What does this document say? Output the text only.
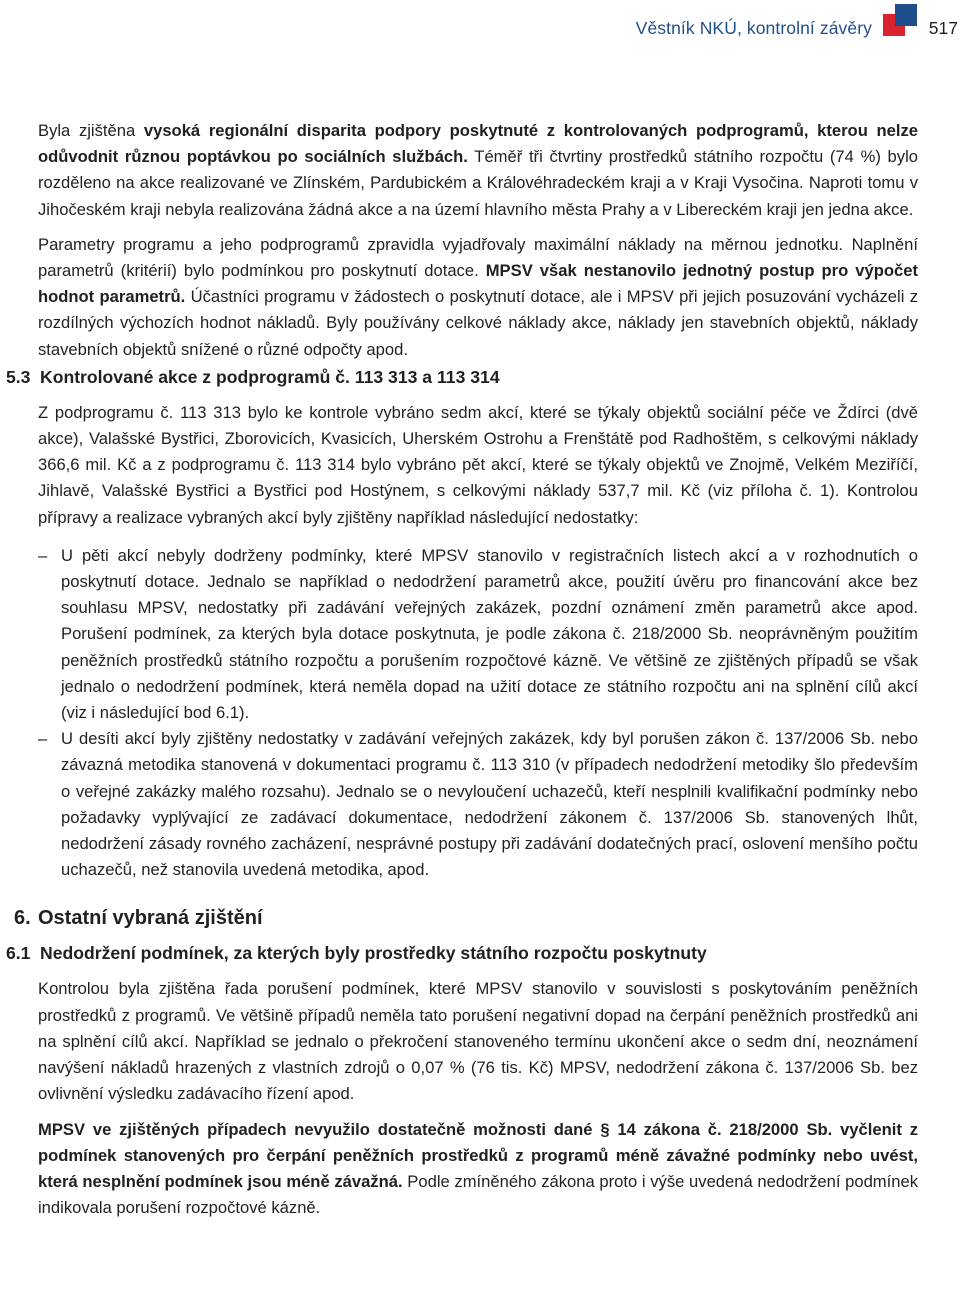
Věstník NKÚ, kontrolní závěry	517

Byla zjištěna vysoká regionální disparita podpory poskytnuté z kontrolovaných podprogramů, kterou nelze odůvodnit různou poptávkou po sociálních službách. Téměř tři čtvrtiny prostředků státního rozpočtu (74 %) bylo rozděleno na akce realizované ve Zlínském, Pardubickém a Královéhradeckém kraji a v Kraji Vysočina. Naproti tomu v Jihočeském kraji nebyla realizována žádná akce a na území hlavního města Prahy a v Libereckém kraji jen jedna akce.

Parametry programu a jeho podprogramů zpravidla vyjadřovaly maximální náklady na měrnou jednotku. Naplnění parametrů (kritérií) bylo podmínkou pro poskytnutí dotace. MPSV však nestanovilo jednotný postup pro výpočet hodnot parametrů. Účastníci programu v žádostech o poskytnutí dotace, ale i MPSV při jejich posuzování vycházeli z rozdílných výchozích hodnot nákladů. Byly používány celkové náklady akce, náklady jen stavebních objektů, náklady stavebních objektů snížené o různé odpočty apod.

5.3 Kontrolované akce z podprogramů č. 113 313 a 113 314

Z podprogramu č. 113 313 bylo ke kontrole vybráno sedm akcí, které se týkaly objektů sociální péče ve Ždírci (dvě akce), Valašské Bystřici, Zborovicích, Kvasicích, Uherském Ostrohu a Frenštátě pod Radhoštěm, s celkovými náklady 366,6 mil. Kč a z podprogramu č. 113 314 bylo vybráno pět akcí, které se týkaly objektů ve Znojmě, Velkém Meziříčí, Jihlavě, Valašské Bystřici a Bystřici pod Hostýnem, s celkovými náklady 537,7 mil. Kč (viz příloha č. 1). Kontrolou přípravy a realizace vybraných akcí byly zjištěny například následující nedostatky:

– U pěti akcí nebyly dodrženy podmínky, které MPSV stanovilo v registračních listech akcí a v rozhodnutích o poskytnutí dotace. Jednalo se například o nedodržení parametrů akce, použití úvěru pro financování akce bez souhlasu MPSV, nedostatky při zadávání veřejných zakázek, pozdní oznámení změn parametrů akce apod. Porušení podmínek, za kterých byla dotace poskytnuta, je podle zákona č. 218/2000 Sb. neoprávněným použitím peněžních prostředků státního rozpočtu a porušením rozpočtové kázně. Ve většině ze zjištěných případů se však jednalo o nedodržení podmínek, která neměla dopad na užití dotace ze státního rozpočtu ani na splnění cílů akcí (viz i následující bod 6.1).
– U desíti akcí byly zjištěny nedostatky v zadávání veřejných zakázek, kdy byl porušen zákon č. 137/2006 Sb. nebo závazná metodika stanovená v dokumentaci programu č. 113 310 (v případech nedodržení metodiky šlo především o veřejné zakázky malého rozsahu). Jednalo se o nevyloučení uchazečů, kteří nesplnili kvalifikační podmínky nebo požadavky vyplývající ze zadávací dokumentace, nedodržení zákonem č. 137/2006 Sb. stanovených lhůt, nedodržení zásady rovného zacházení, nesprávné postupy při zadávání dodatečných prací, oslovení menšího počtu uchazečů, než stanovila uvedená metodika, apod.
6. Ostatní vybraná zjištění
6.1 Nedodržení podmínek, za kterých byly prostředky státního rozpočtu poskytnuty

Kontrolou byla zjištěna řada porušení podmínek, které MPSV stanovilo v souvislosti s poskytováním peněžních prostředků z programů. Ve většině případů neměla tato porušení negativní dopad na čerpání peněžních prostředků ani na splnění cílů akcí. Například se jednalo o překročení stanoveného termínu ukončení akce o sedm dní, neoznámení navýšení nákladů hrazených z vlastních zdrojů o 0,07 % (76 tis. Kč) MPSV, nedodržení zákona č. 137/2006 Sb. bez ovlivnění výsledku zadávacího řízení apod.

MPSV ve zjištěných případech nevyužilo dostatečně možnosti dané § 14 zákona č. 218/2000 Sb. vyčlenit z podmínek stanovených pro čerpání peněžních prostředků z programů méně závažné podmínky nebo uvést, která nesplnění podmínek jsou méně závažná. Podle zmíněného zákona proto i výše uvedená nedodržení podmínek indikovala porušení rozpočtové kázně.
